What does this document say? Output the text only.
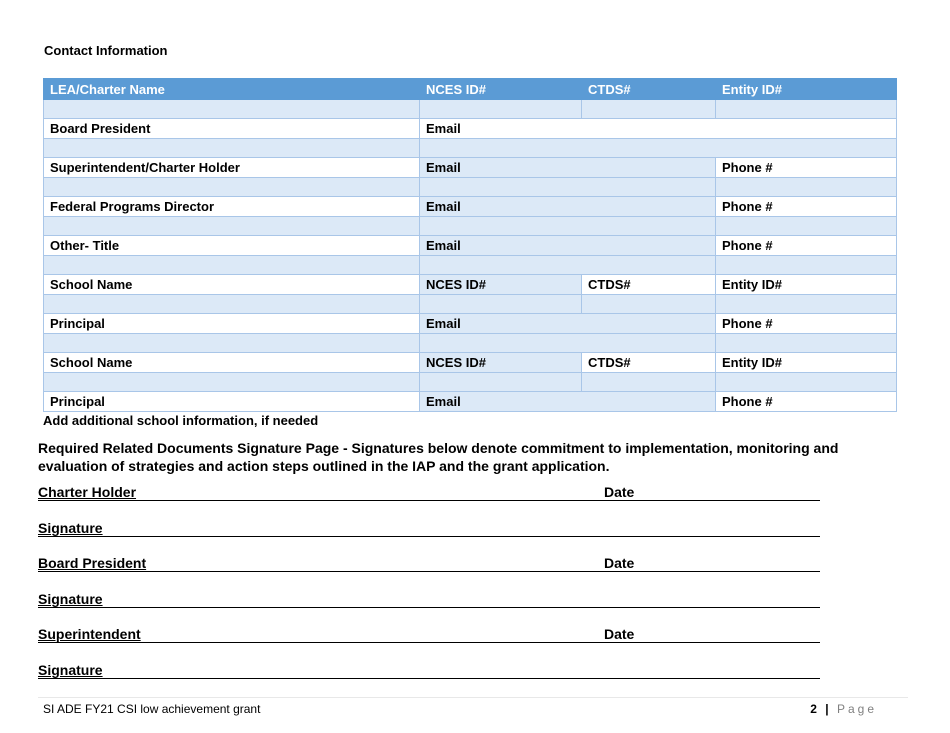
Contact Information
LEA/Charter Name	NCES ID#	CTDS#	Entity ID#

Board President	Email		

Superintendent/Charter Holder	Email		Phone #

Federal Programs Director	Email		Phone #

Other- Title	Email		Phone #

School Name	NCES ID#	CTDS#	Entity ID#

Principal	Email		Phone #

School Name	NCES ID#	CTDS#	Entity ID#

Principal	Email		Phone #
Add additional school information, if needed
Required Related Documents Signature Page - Signatures below denote commitment to implementation, monitoring and evaluation of strategies and action steps outlined in the IAP and the grant application.
Charter Holder	Date
Signature
Board President	Date
Signature
Superintendent	Date
Signature
SI ADE FY21 CSI low achievement grant	2 | Page
